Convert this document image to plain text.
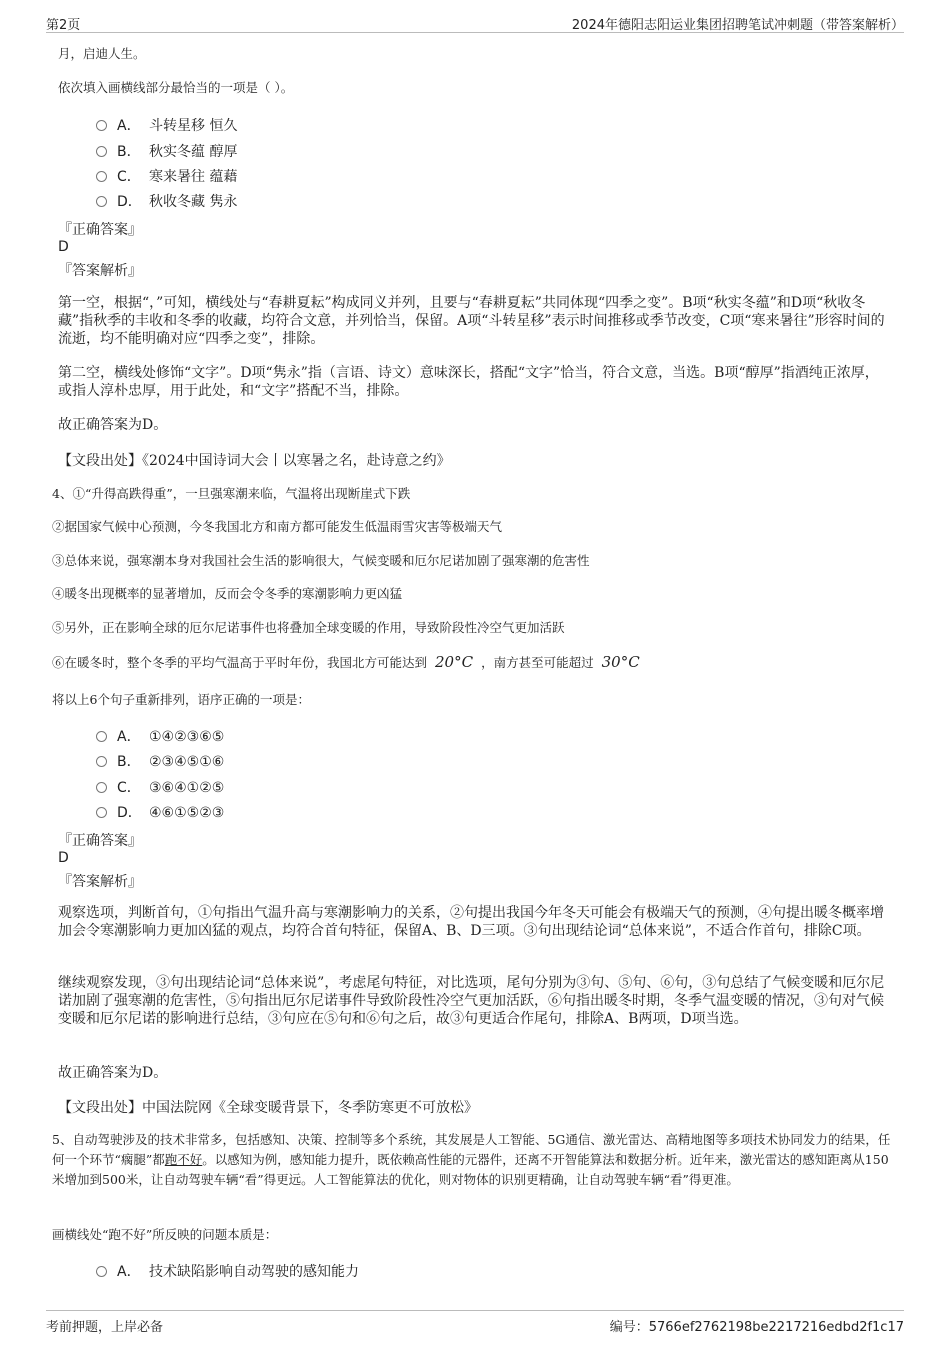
第2页	2024年德阳志阳运业集团招聘笔试冲刺题（带答案解析）
月，启迪人生。
依次填入画横线部分最恰当的一项是（ ）。
A． 斗转星移 恒久
B． 秋实冬蕴 醇厚
C． 寒来暑往 蕴藉
D． 秋收冬藏 隽永
『正确答案』
D
『答案解析』
第一空，根据“，”可知，横线处与“春耕夏耘”构成同义并列，且要与“春耕夏耘”共同体现“四季之变”。B项“秋实冬蕴”和D项“秋收冬藏”指秋季的丰收和冬季的收藏，均符合文意，并列恰当，保留。A项“斗转星移”表示时间推移或季节改变，C项“寒来暑往”形容时间的流逝，均不能明确对应“四季之变”，排除。
第二空，横线处修饰“文字”。D项“隽永”指（言语、诗文）意味深长，搭配“文字”恰当，符合文意，当选。B项“醇厚”指酒纯正浓厚，或指人淳朴忠厚，用于此处，和“文字”搭配不当，排除。
故正确答案为D。
【文段出处】《2024中国诗词大会丨以寒暑之名，赴诗意之约》
4、①“升得高跌得重”，一旦强寒潮来临，气温将出现断崖式下跌
②据国家气候中心预测，今冬我国北方和南方都可能发生低温雨雪灾害等极端天气
③总体来说，强寒潮本身对我国社会生活的影响很大，气候变暖和厄尔尼诺加剧了强寒潮的危害性
④暖冬出现概率的显著增加，反而会令冬季的寒潮影响力更凶猛
⑤另外，正在影响全球的厄尔尼诺事件也将叠加全球变暖的作用，导致阶段性冷空气更加活跃
⑥在暖冬时，整个冬季的平均气温高于平时年份，我国北方可能达到 20°C ，南方甚至可能超过 30°C
将以上6个句子重新排列，语序正确的一项是：
A． ①④②③⑥⑤
B． ②③④⑤①⑥
C． ③⑥④①②⑤
D． ④⑥①⑤②③
『正确答案』
D
『答案解析』
观察选项，判断首句，①句指出气温升高与寒潮影响力的关系，②句提出我国今年冬天可能会有极端天气的预测，④句提出暖冬概率增加会令寒潮影响力更加凶猛的观点，均符合首句特征，保留A、B、D三项。③句出现结论词“总体来说”，不适合作首句，排除C项。
继续观察发现，③句出现结论词“总体来说”，考虑尾句特征，对比选项，尾句分别为③句、⑤句、⑥句，③句总结了气候变暖和厄尔尼诺加剧了强寒潮的危害性，⑤句指出厄尔尼诺事件导致阶段性冷空气更加活跃，⑥句指出暖冬时期，冬季气温变暖的情况，③句对气候变暖和厄尔尼诺的影响进行总结，③句应在⑤句和⑥句之后，故③句更适合作尾句，排除A、B两项，D项当选。
故正确答案为D。
【文段出处】中国法院网《全球变暖背景下，冬季防寒更不可放松》
5、自动驾驶涉及的技术非常多，包括感知、决策、控制等多个系统，其发展是人工智能、5G通信、激光雷达、高精地图等多项技术协同发力的结果，任何一个环节“瘸腿”都跑不好。以感知为例，感知能力提升，既依赖高性能的元器件，还离不开智能算法和数据分析。近年来，激光雷达的感知距离从150米增加到500米，让自动驾驶车辆“看”得更远。人工智能算法的优化，则对物体的识别更精确，让自动驾驶车辆“看”得更准。
画横线处“跑不好”所反映的问题本质是：
A． 技术缺陷影响自动驾驶的感知能力
考前押题，上岸必备	编号：5766ef2762198be2217216edbd2f1c17
